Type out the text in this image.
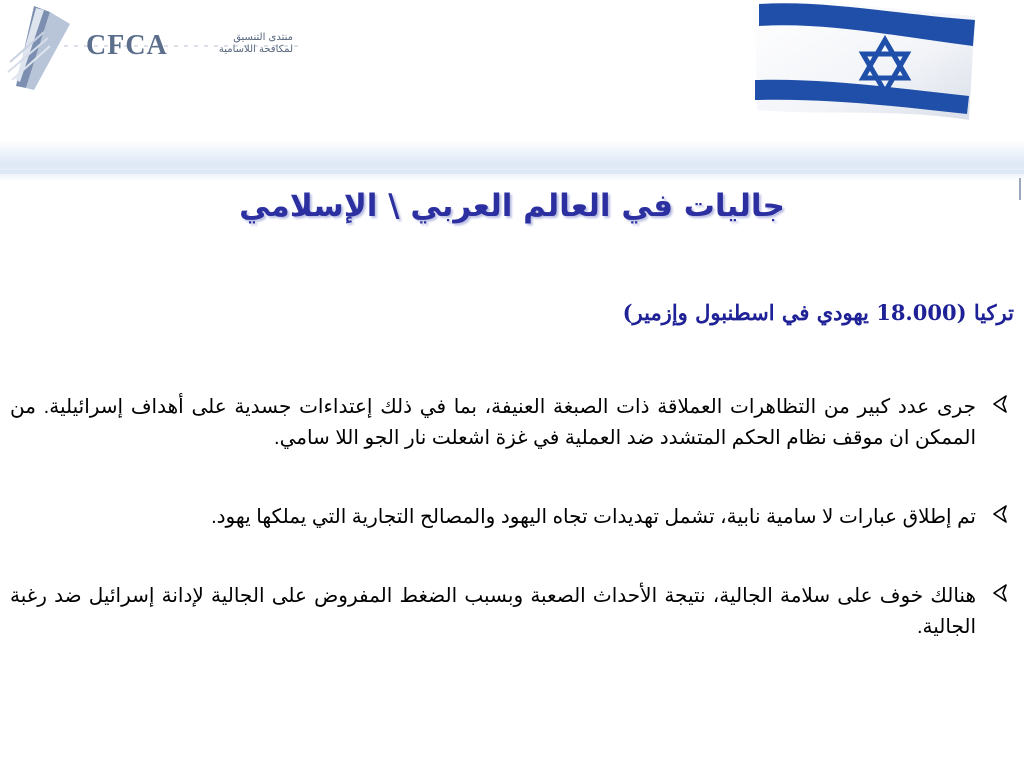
CFCA	منتدى التنسيق
لمكافحة اللاسامية
جاليات في العالم العربي \ الإسلامي
تركيا (18.000 يهودي في اسطنبول وإزمير)
جرى عدد كبير من التظاهرات العملاقة ذات الصبغة العنيفة، بما في ذلك إعتداءات جسدية على أهداف إسرائيلية. من الممكن ان موقف نظام الحكم المتشدد ضد العملية في غزة اشعلت نار الجو اللا سامي.
تم إطلاق عبارات لا سامية نابية، تشمل تهديدات تجاه اليهود والمصالح التجارية التي يملكها يهود.
هنالك خوف على سلامة الجالية، نتيجة الأحداث الصعبة وبسبب الضغط المفروض على الجالية لإدانة إسرائيل ضد رغبة الجالية.
